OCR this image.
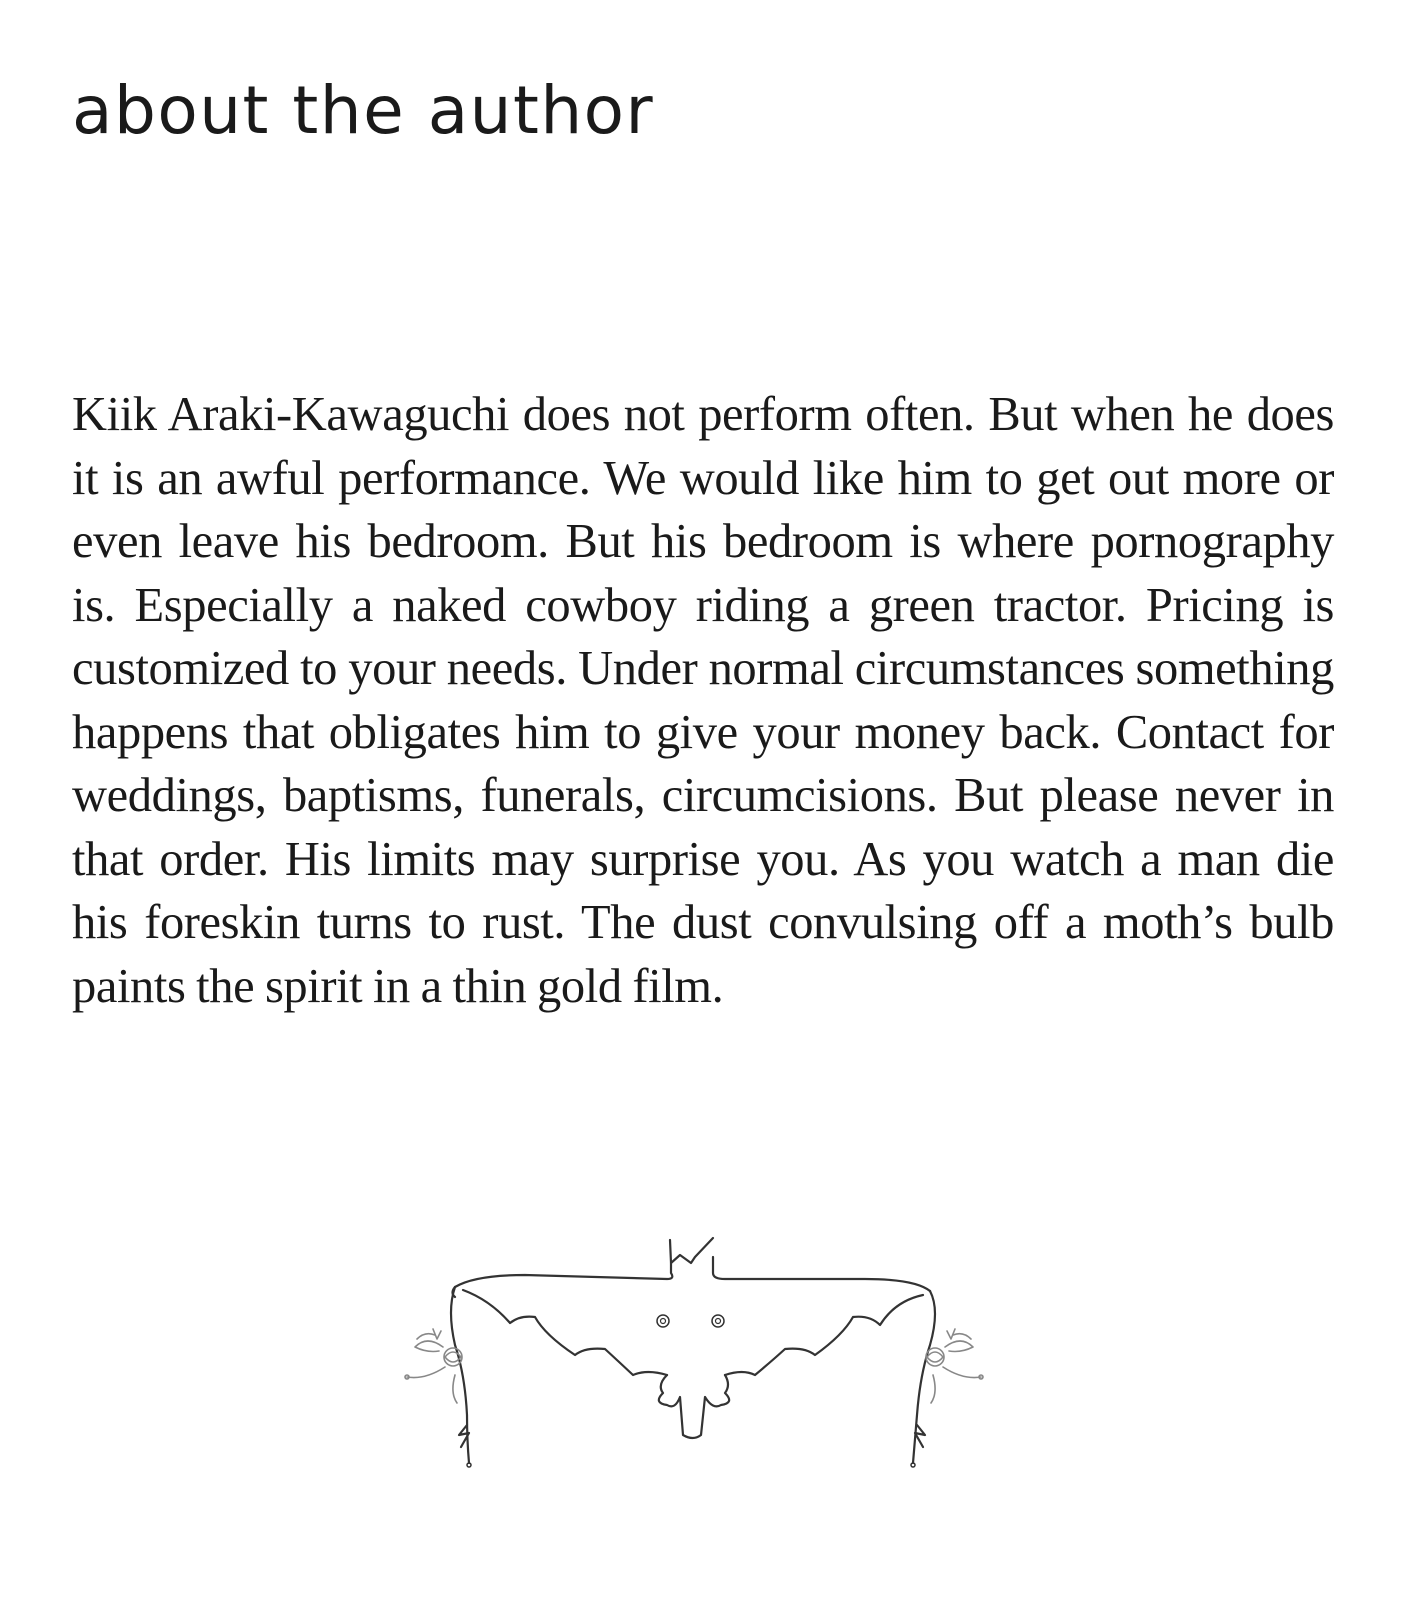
about the author

Kiik Araki-Kawaguchi does not perform often. But when he does it is an awful performance. We would like him to get out more or even leave his bedroom. But his bedroom is where pornography is. Especially a naked cowboy riding a green tractor. Pricing is customized to your needs. Under normal circumstances something happens that obligates him to give your money back. Contact for weddings, baptisms, funerals, circumcisions. But please never in that order. His limits may surprise you. As you watch a man die his foreskin turns to rust. The dust convulsing off a moth’s bulb paints the spirit in a thin gold film.
